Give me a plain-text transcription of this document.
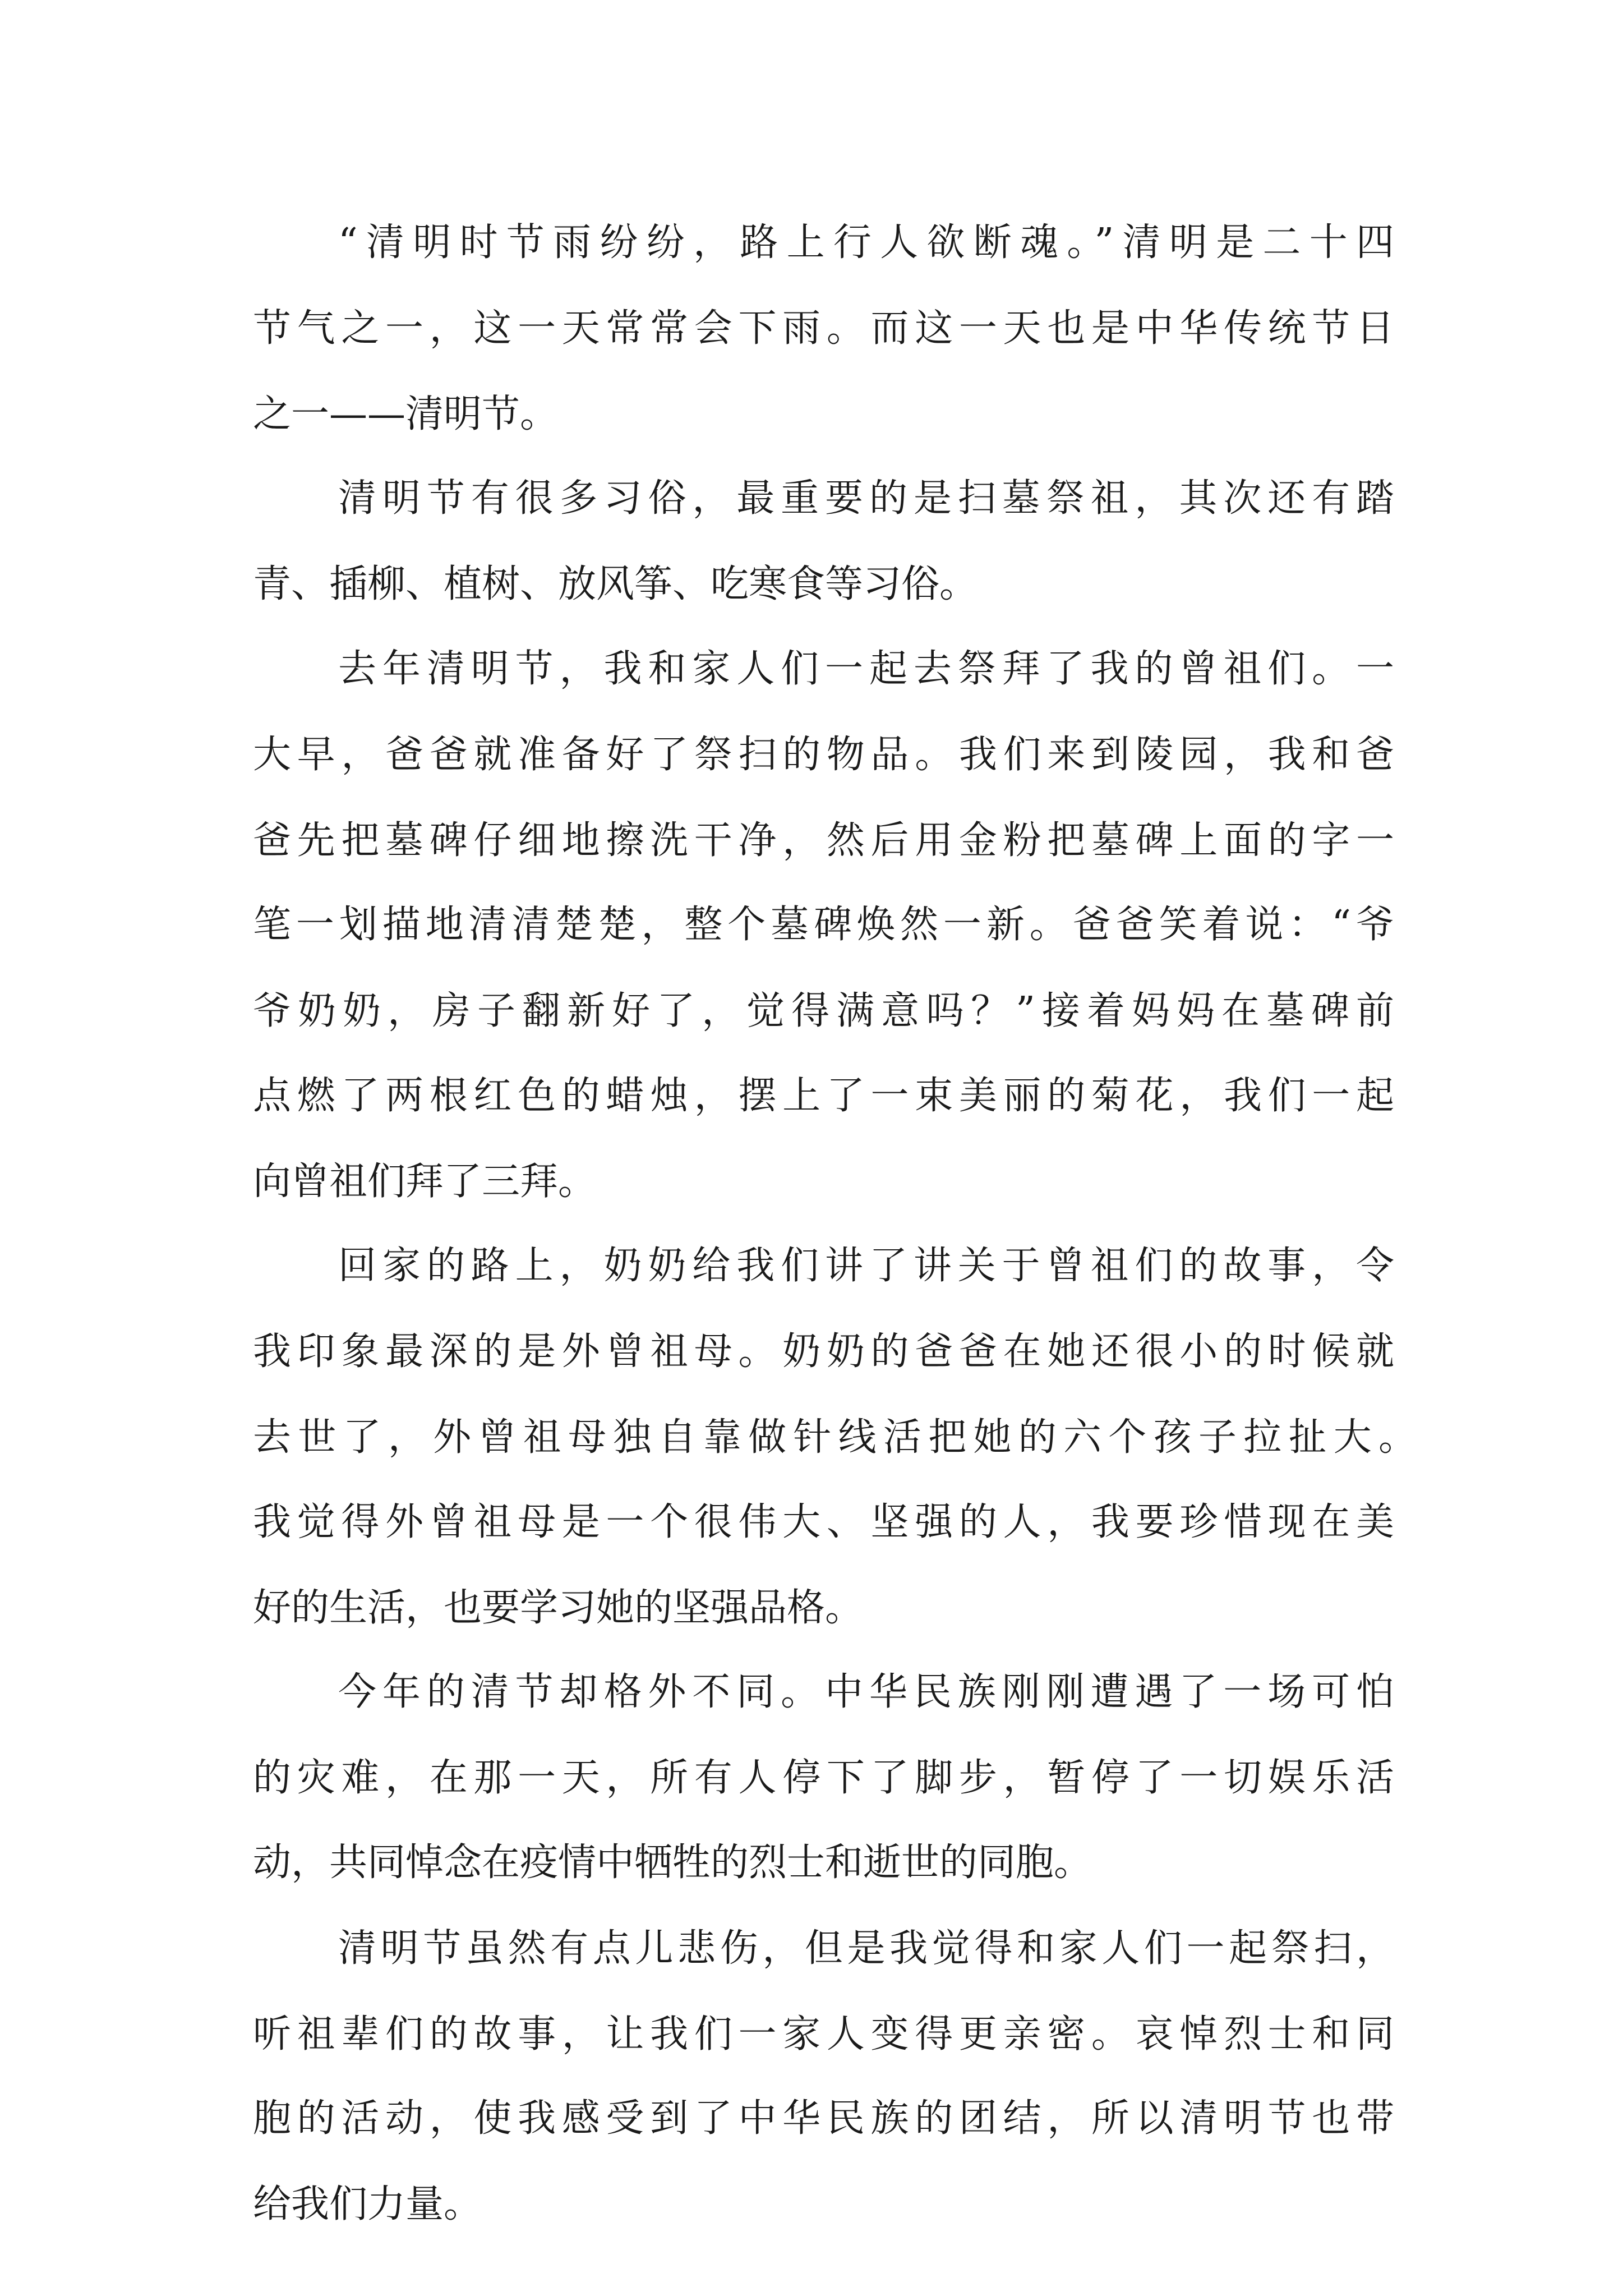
“清明时节雨纷纷，路上行人欲断魂。”清明是二十四
节气之一，这一天常常会下雨。而这一天也是中华传统节日
之一——清明节。
清明节有很多习俗，最重要的是扫墓祭祖，其次还有踏
青、插柳、植树、放风筝、吃寒食等习俗。
去年清明节，我和家人们一起去祭拜了我的曾祖们。一
大早，爸爸就准备好了祭扫的物品。我们来到陵园，我和爸
爸先把墓碑仔细地擦洗干净，然后用金粉把墓碑上面的字一
笔一划描地清清楚楚，整个墓碑焕然一新。爸爸笑着说：“爷
爷奶奶，房子翻新好了，觉得满意吗？”接着妈妈在墓碑前
点燃了两根红色的蜡烛，摆上了一束美丽的菊花，我们一起
向曾祖们拜了三拜。
回家的路上，奶奶给我们讲了讲关于曾祖们的故事，令
我印象最深的是外曾祖母。奶奶的爸爸在她还很小的时候就
去世了，外曾祖母独自靠做针线活把她的六个孩子拉扯大。
我觉得外曾祖母是一个很伟大、坚强的人，我要珍惜现在美
好的生活，也要学习她的坚强品格。
今年的清节却格外不同。中华民族刚刚遭遇了一场可怕
的灾难，在那一天，所有人停下了脚步，暂停了一切娱乐活
动，共同悼念在疫情中牺牲的烈士和逝世的同胞。
清明节虽然有点儿悲伤，但是我觉得和家人们一起祭扫，
听祖辈们的故事，让我们一家人变得更亲密。哀悼烈士和同
胞的活动，使我感受到了中华民族的团结，所以清明节也带
给我们力量。
